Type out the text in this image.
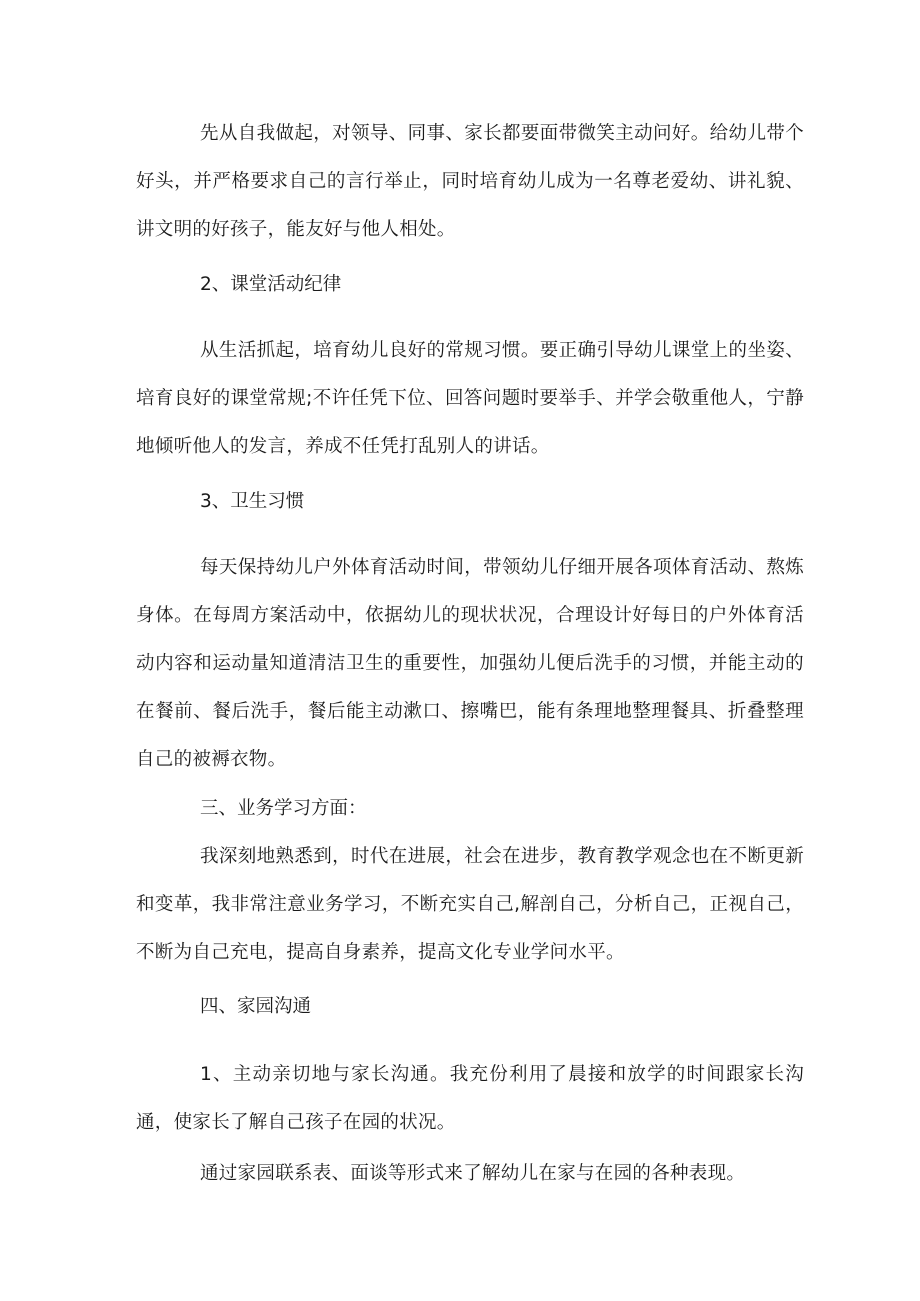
先从自我做起，对领导、同事、家长都要面带微笑主动问好。给幼儿带个好头，并严格要求自己的言行举止，同时培育幼儿成为一名尊老爱幼、讲礼貌、讲文明的好孩子，能友好与他人相处。

2、课堂活动纪律

从生活抓起，培育幼儿良好的常规习惯。要正确引导幼儿课堂上的坐姿、培育良好的课堂常规;不许任凭下位、回答问题时要举手、并学会敬重他人，宁静地倾听他人的发言，养成不任凭打乱别人的讲话。

3、卫生习惯

每天保持幼儿户外体育活动时间，带领幼儿仔细开展各项体育活动、熬炼身体。在每周方案活动中，依据幼儿的现状状况，合理设计好每日的户外体育活动内容和运动量知道清洁卫生的重要性，加强幼儿便后洗手的习惯，并能主动的在餐前、餐后洗手，餐后能主动漱口、擦嘴巴，能有条理地整理餐具、折叠整理自己的被褥衣物。

三、业务学习方面：

我深刻地熟悉到，时代在进展，社会在进步，教育教学观念也在不断更新和变革，我非常注意业务学习，不断充实自己,解剖自己，分析自己，正视自己，不断为自己充电，提高自身素养，提高文化专业学问水平。

四、家园沟通

1、主动亲切地与家长沟通。我充份利用了晨接和放学的时间跟家长沟通，使家长了解自己孩子在园的状况。

通过家园联系表、面谈等形式来了解幼儿在家与在园的各种表现。
